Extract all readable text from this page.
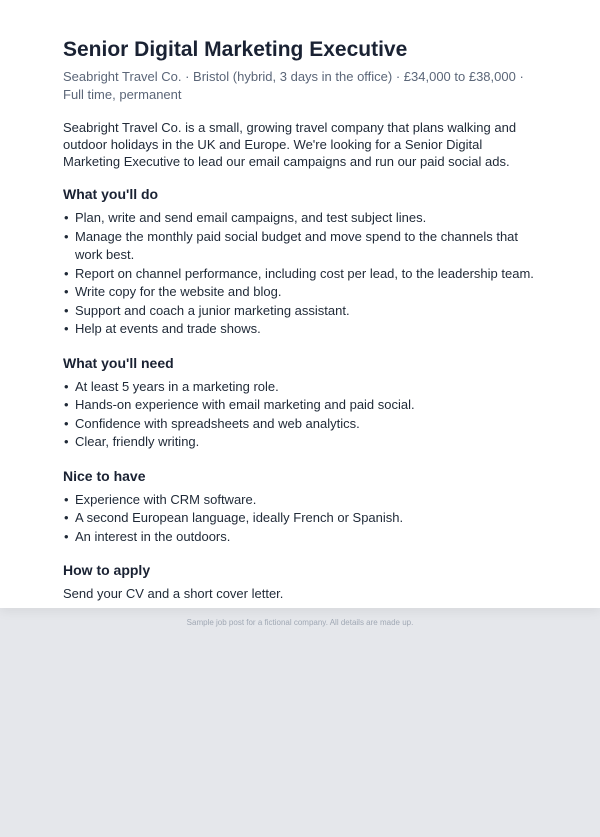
Senior Digital Marketing Executive

Seabright Travel Co. · Bristol (hybrid, 3 days in the office) · £34,000 to £38,000 · Full time, permanent

Seabright Travel Co. is a small, growing travel company that plans walking and outdoor holidays in the UK and Europe. We're looking for a Senior Digital Marketing Executive to lead our email campaigns and run our paid social ads.

What you'll do
• Plan, write and send email campaigns, and test subject lines.
• Manage the monthly paid social budget and move spend to the channels that work best.
• Report on channel performance, including cost per lead, to the leadership team.
• Write copy for the website and blog.
• Support and coach a junior marketing assistant.
• Help at events and trade shows.
What you'll need
• At least 5 years in a marketing role.
• Hands-on experience with email marketing and paid social.
• Confidence with spreadsheets and web analytics.
• Clear, friendly writing.
Nice to have
• Experience with CRM software.
• A second European language, ideally French or Spanish.
• An interest in the outdoors.
How to apply

Send your CV and a short cover letter.

Sample job post for a fictional company. All details are made up.
